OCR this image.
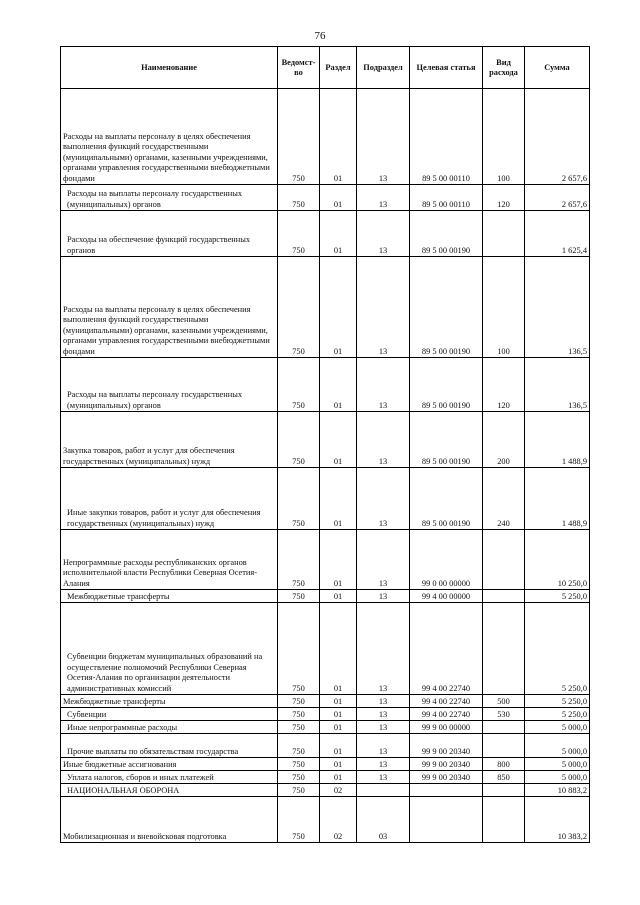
76
Наименование	Ведомст-во	Раздел	Подраздел	Целевая статья	Вид расхода	Сумма
Расходы на выплаты персоналу в целях обеспечения выполнения функций государственными (муниципальными) органами, казенными учреждениями, органами управления государственными внебюджетными фондами	750	01	13	89 5 00 00110	100	2 657,6
Расходы на выплаты персоналу государственных (муниципальных) органов	750	01	13	89 5 00 00110	120	2 657,6
Расходы на обеспечение функций государственных органов	750	01	13	89 5 00 00190		1 625,4
Расходы на выплаты персоналу в целях обеспечения выполнения функций государственными (муниципальными) органами, казенными учреждениями, органами управления государственными внебюджетными фондами	750	01	13	89 5 00 00190	100	136,5
Расходы на выплаты персоналу государственных (муниципальных) органов	750	01	13	89 5 00 00190	120	136,5
Закупка товаров, работ и услуг для обеспечения государственных (муниципальных) нужд	750	01	13	89 5 00 00190	200	1 488,9
Иные закупки товаров, работ и услуг для обеспечения государственных (муниципальных) нужд	750	01	13	89 5 00 00190	240	1 488,9
Непрограммные расходы республиканских органов исполнительной власти Республики Северная Осетия-Алания	750	01	13	99 0 00 00000		10 250,0
Межбюджетные трансферты	750	01	13	99 4 00 00000		5 250,0
Субвенции бюджетам муниципальных образований на осуществление полномочий Республики Северная Осетия-Алания по организации деятельности административных комиссий	750	01	13	99 4 00 22740		5 250,0
Межбюджетные трансферты	750	01	13	99 4 00 22740	500	5 250,0
Субвенции	750	01	13	99 4 00 22740	530	5 250,0
Иные непрограммные расходы	750	01	13	99 9 00 00000		5 000,0
Прочие выплаты по обязательствам государства	750	01	13	99 9 00 20340		5 000,0
Иные бюджетные ассигнования	750	01	13	99 9 00 20340	800	5 000,0
Уплата налогов, сборов и иных платежей	750	01	13	99 9 00 20340	850	5 000,0
НАЦИОНАЛЬНАЯ ОБОРОНА	750	02				10 883,2
Мобилизационная и вневойсковая подготовка	750	02	03			10 383,2
